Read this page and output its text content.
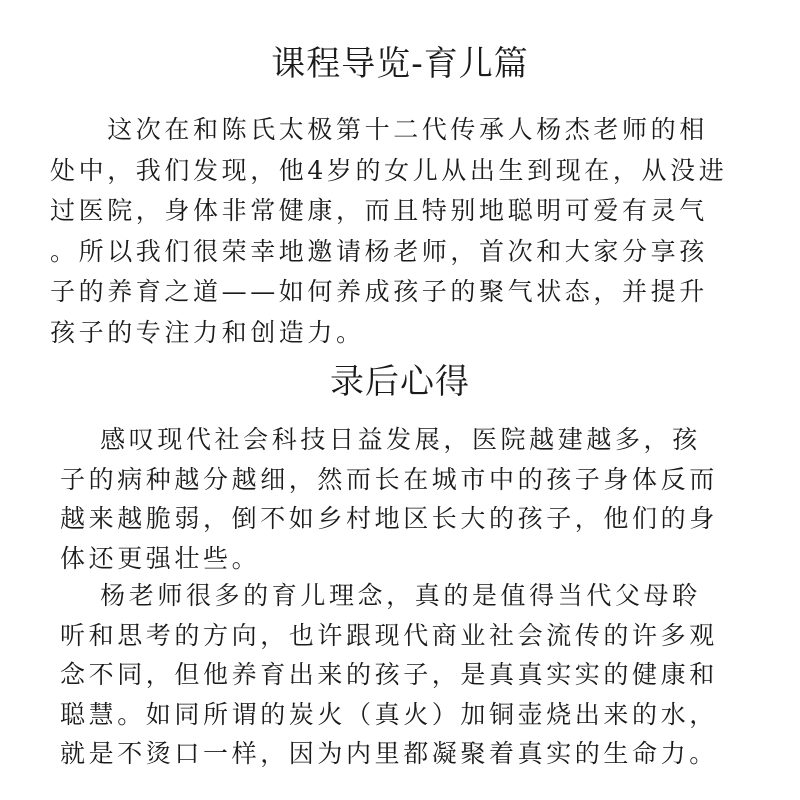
课程导览-育儿篇
　　这次在和陈氏太极第十二代传承人杨杰老师的相
处中，我们发现，他4岁的女儿从出生到现在，从没进
过医院，身体非常健康，而且特别地聪明可爱有灵气
。所以我们很荣幸地邀请杨老师，首次和大家分享孩
子的养育之道——如何养成孩子的聚气状态，并提升
孩子的专注力和创造力。
录后心得
　 感叹现代社会科技日益发展，医院越建越多，孩
子的病种越分越细，然而长在城市中的孩子身体反而
越来越脆弱，倒不如乡村地区长大的孩子，他们的身
体还更强壮些。
　 杨老师很多的育儿理念，真的是值得当代父母聆
听和思考的方向，也许跟现代商业社会流传的许多观
念不同，但他养育出来的孩子，是真真实实的健康和
聪慧。如同所谓的炭火（真火）加铜壶烧出来的水，
就是不烫口一样，因为内里都凝聚着真实的生命力。
